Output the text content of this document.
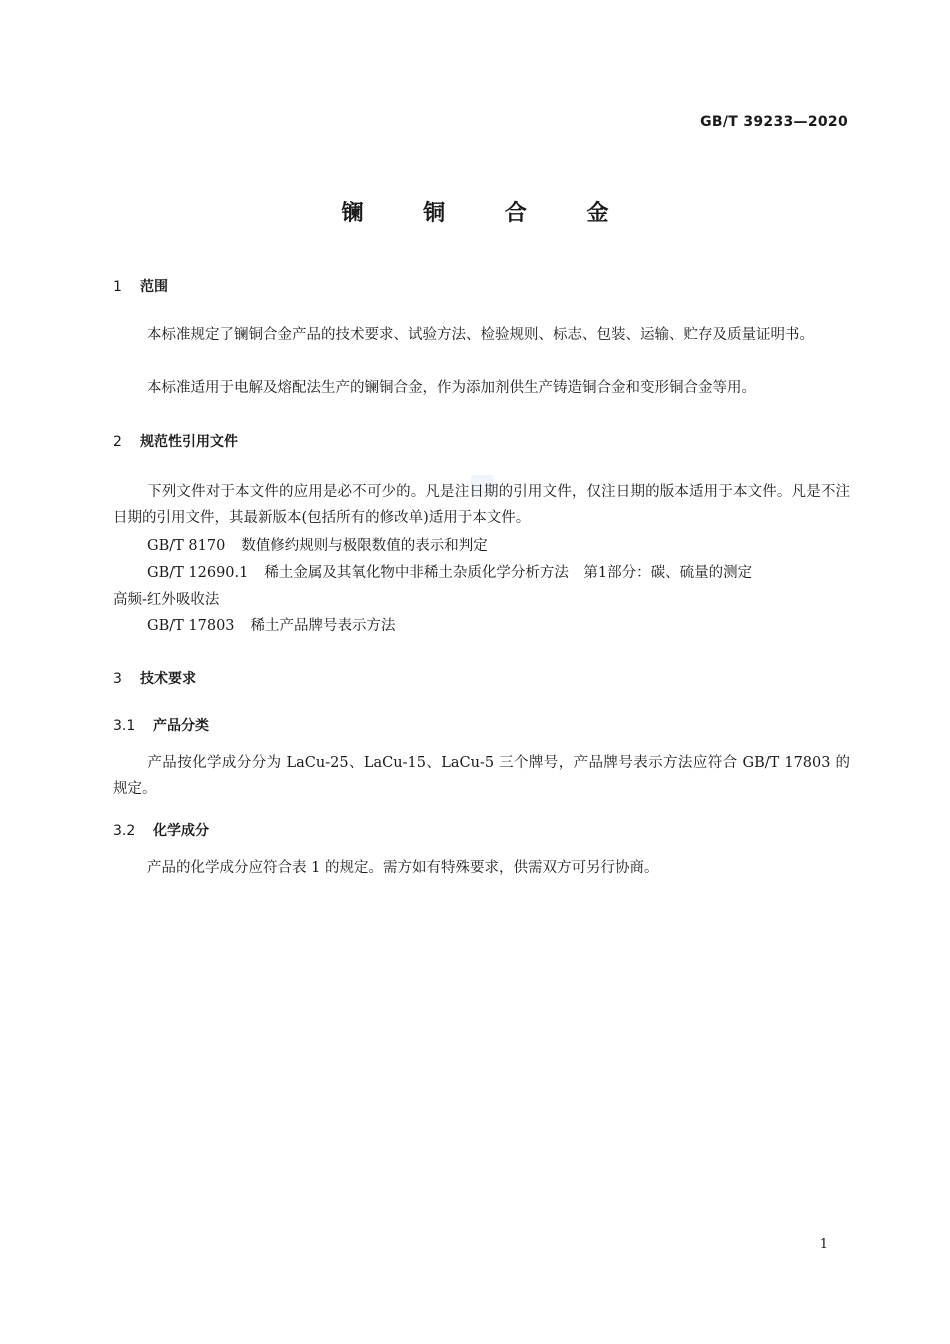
GB/T 39233—2020
镧 铜 合 金
1 范围
本标准规定了镧铜合金产品的技术要求、试验方法、检验规则、标志、包装、运输、贮存及质量证明书。
本标准适用于电解及熔配法生产的镧铜合金，作为添加剂供生产铸造铜合金和变形铜合金等用。
2 规范性引用文件
下列文件对于本文件的应用是必不可少的。凡是注日期的引用文件，仅注日期的版本适用于本文件。凡是不注日期的引用文件，其最新版本(包括所有的修改单)适用于本文件。
GB/T 8170 数值修约规则与极限数值的表示和判定
GB/T 12690.1 稀土金属及其氧化物中非稀土杂质化学分析方法　第1部分：碳、硫量的测定
高频-红外吸收法
GB/T 17803 稀土产品牌号表示方法
3 技术要求
3.1 产品分类
产品按化学成分分为 LaCu-25、LaCu-15、LaCu-5 三个牌号，产品牌号表示方法应符合 GB/T 17803 的规定。
3.2 化学成分
产品的化学成分应符合表 1 的规定。需方如有特殊要求，供需双方可另行协商。
1
